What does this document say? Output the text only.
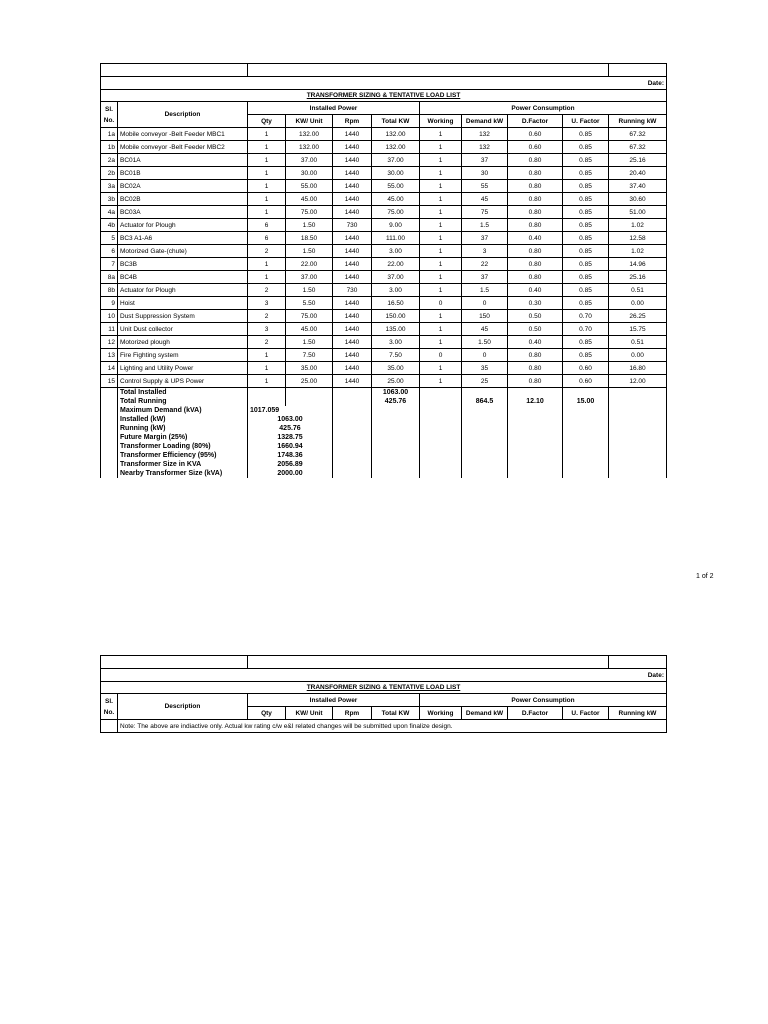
Date:										
TRANSFORMER SIZING & TENTATIVE LOAD LIST										
Sl.
No.	Description	Installed Power				Power Consumption				
		Qty	KW/ Unit	Rpm	Total KW	Working	Demand kW	D.Factor	U. Factor	Running kW
1a	Mobile conveyor -Belt Feeder MBC1	1	132.00	1440	132.00	1	132	0.60	0.85	67.32
1b	Mobile conveyor -Belt Feeder MBC2	1	132.00	1440	132.00	1	132	0.60	0.85	67.32
2a	BC01A	1	37.00	1440	37.00	1	37	0.80	0.85	25.16
2b	BC01B	1	30.00	1440	30.00	1	30	0.80	0.85	20.40
3a	BC02A	1	55.00	1440	55.00	1	55	0.80	0.85	37.40
3b	BC02B	1	45.00	1440	45.00	1	45	0.80	0.85	30.60
4a	BC03A	1	75.00	1440	75.00	1	75	0.80	0.85	51.00
4b	Actuator for Plough	6	1.50	730	9.00	1	1.5	0.80	0.85	1.02
5	BC3 A1-A6	6	18.50	1440	111.00	1	37	0.40	0.85	12.58
6	Motorized Gate-(chute)	2	1.50	1440	3.00	1	3	0.80	0.85	1.02
7	BC3B	1	22.00	1440	22.00	1	22	0.80	0.85	14.96
8a	BC4B	1	37.00	1440	37.00	1	37	0.80	0.85	25.16
8b	Actuator for Plough	2	1.50	730	3.00	1	1.5	0.40	0.85	0.51
9	Hoist	3	5.50	1440	16.50	0	0	0.30	0.85	0.00
10	Dust Suppression System	2	75.00	1440	150.00	1	150	0.50	0.70	26.25
11	Unit Dust collector	3	45.00	1440	135.00	1	45	0.50	0.70	15.75
12	Motorized plough	2	1.50	1440	3.00	1	1.50	0.40	0.85	0.51
13	Fire Fighting system	1	7.50	1440	7.50	0	0	0.80	0.85	0.00
14	Lighting and Utility Power	1	35.00	1440	35.00	1	35	0.80	0.60	16.80
15	Control Supply & UPS Power	1	25.00	1440	25.00	1	25	0.80	0.60	12.00
	Total Installed				1063.00					
	Total Running				425.76		864.5	12.10	15.00	
	Maximum Demand (kVA)	1017.059								
	Installed (kW)	1063.00								
	Running (kW)	425.76								
	Future Margin (25%)	1328.75								
	Transformer Loading (80%)	1660.94								
	Transformer Efficiency (95%)	1748.36								
	Transformer Size in KVA	2056.89								
	Nearby Transformer Size (kVA)	2000.00								
1 of 2

Date:										
TRANSFORMER SIZING & TENTATIVE LOAD LIST										
Sl.
No.	Description	Installed Power				Power Consumption				
		Qty	KW/ Unit	Rpm	Total KW	Working	Demand kW	D.Factor	U. Factor	Running kW
	Note: The above are indiactive only. Actual kw rating c/w e&I related changes will be submitted upon finalize design.									
